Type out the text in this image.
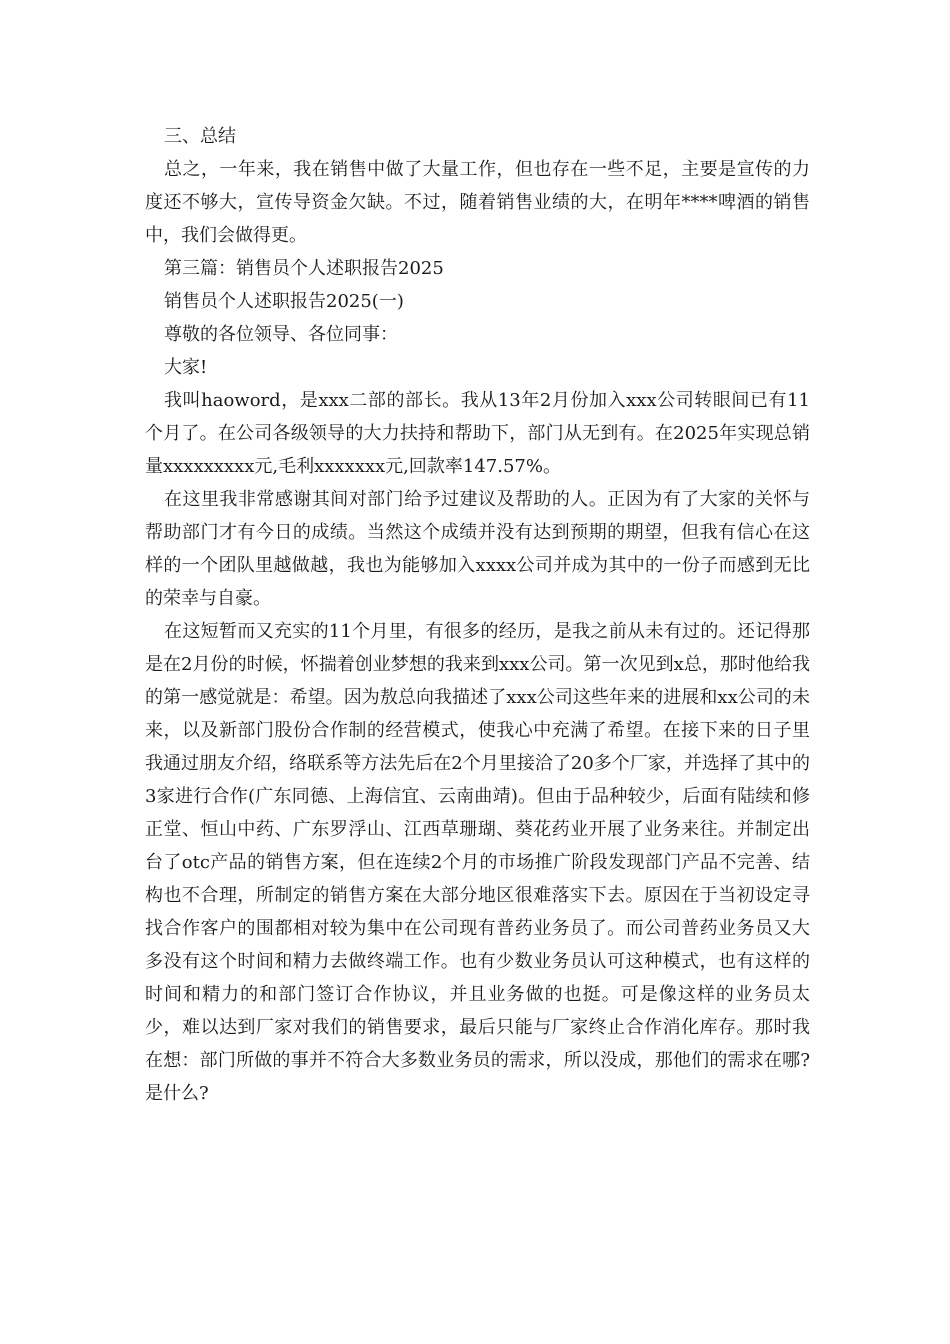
三、总结

总之，一年来，我在销售中做了大量工作，但也存在一些不足，主要是宣传的力度还不够大，宣传导资金欠缺。不过，随着销售业绩的大，在明年****啤酒的销售中，我们会做得更。

第三篇：销售员个人述职报告2025

销售员个人述职报告2025(一)

尊敬的各位领导、各位同事：

大家!

我叫haoword，是xxx二部的部长。我从13年2月份加入xxx公司转眼间已有11个月了。在公司各级领导的大力扶持和帮助下，部门从无到有。在2025年实现总销量xxxxxxxxx元,毛利xxxxxxx元,回款率147.57%。

在这里我非常感谢其间对部门给予过建议及帮助的人。正因为有了大家的关怀与帮助部门才有今日的成绩。当然这个成绩并没有达到预期的期望，但我有信心在这样的一个团队里越做越，我也为能够加入xxxx公司并成为其中的一份子而感到无比的荣幸与自豪。

在这短暂而又充实的11个月里，有很多的经历，是我之前从未有过的。还记得那是在2月份的时候，怀揣着创业梦想的我来到xxx公司。第一次见到x总，那时他给我的第一感觉就是：希望。因为敖总向我描述了xxx公司这些年来的进展和xx公司的未来，以及新部门股份合作制的经营模式，使我心中充满了希望。在接下来的日子里我通过朋友介绍，络联系等方法先后在2个月里接洽了20多个厂家，并选择了其中的3家进行合作(广东同德、上海信宜、云南曲靖)。但由于品种较少，后面有陆续和修正堂、恒山中药、广东罗浮山、江西草珊瑚、葵花药业开展了业务来往。并制定出台了otc产品的销售方案，但在连续2个月的市场推广阶段发现部门产品不完善、结构也不合理，所制定的销售方案在大部分地区很难落实下去。原因在于当初设定寻找合作客户的围都相对较为集中在公司现有普药业务员了。而公司普药业务员又大多没有这个时间和精力去做终端工作。也有少数业务员认可这种模式，也有这样的时间和精力的和部门签订合作协议，并且业务做的也挺。可是像这样的业务员太少，难以达到厂家对我们的销售要求，最后只能与厂家终止合作消化库存。那时我在想：部门所做的事并不符合大多数业务员的需求，所以没成，那他们的需求在哪?是什么?
